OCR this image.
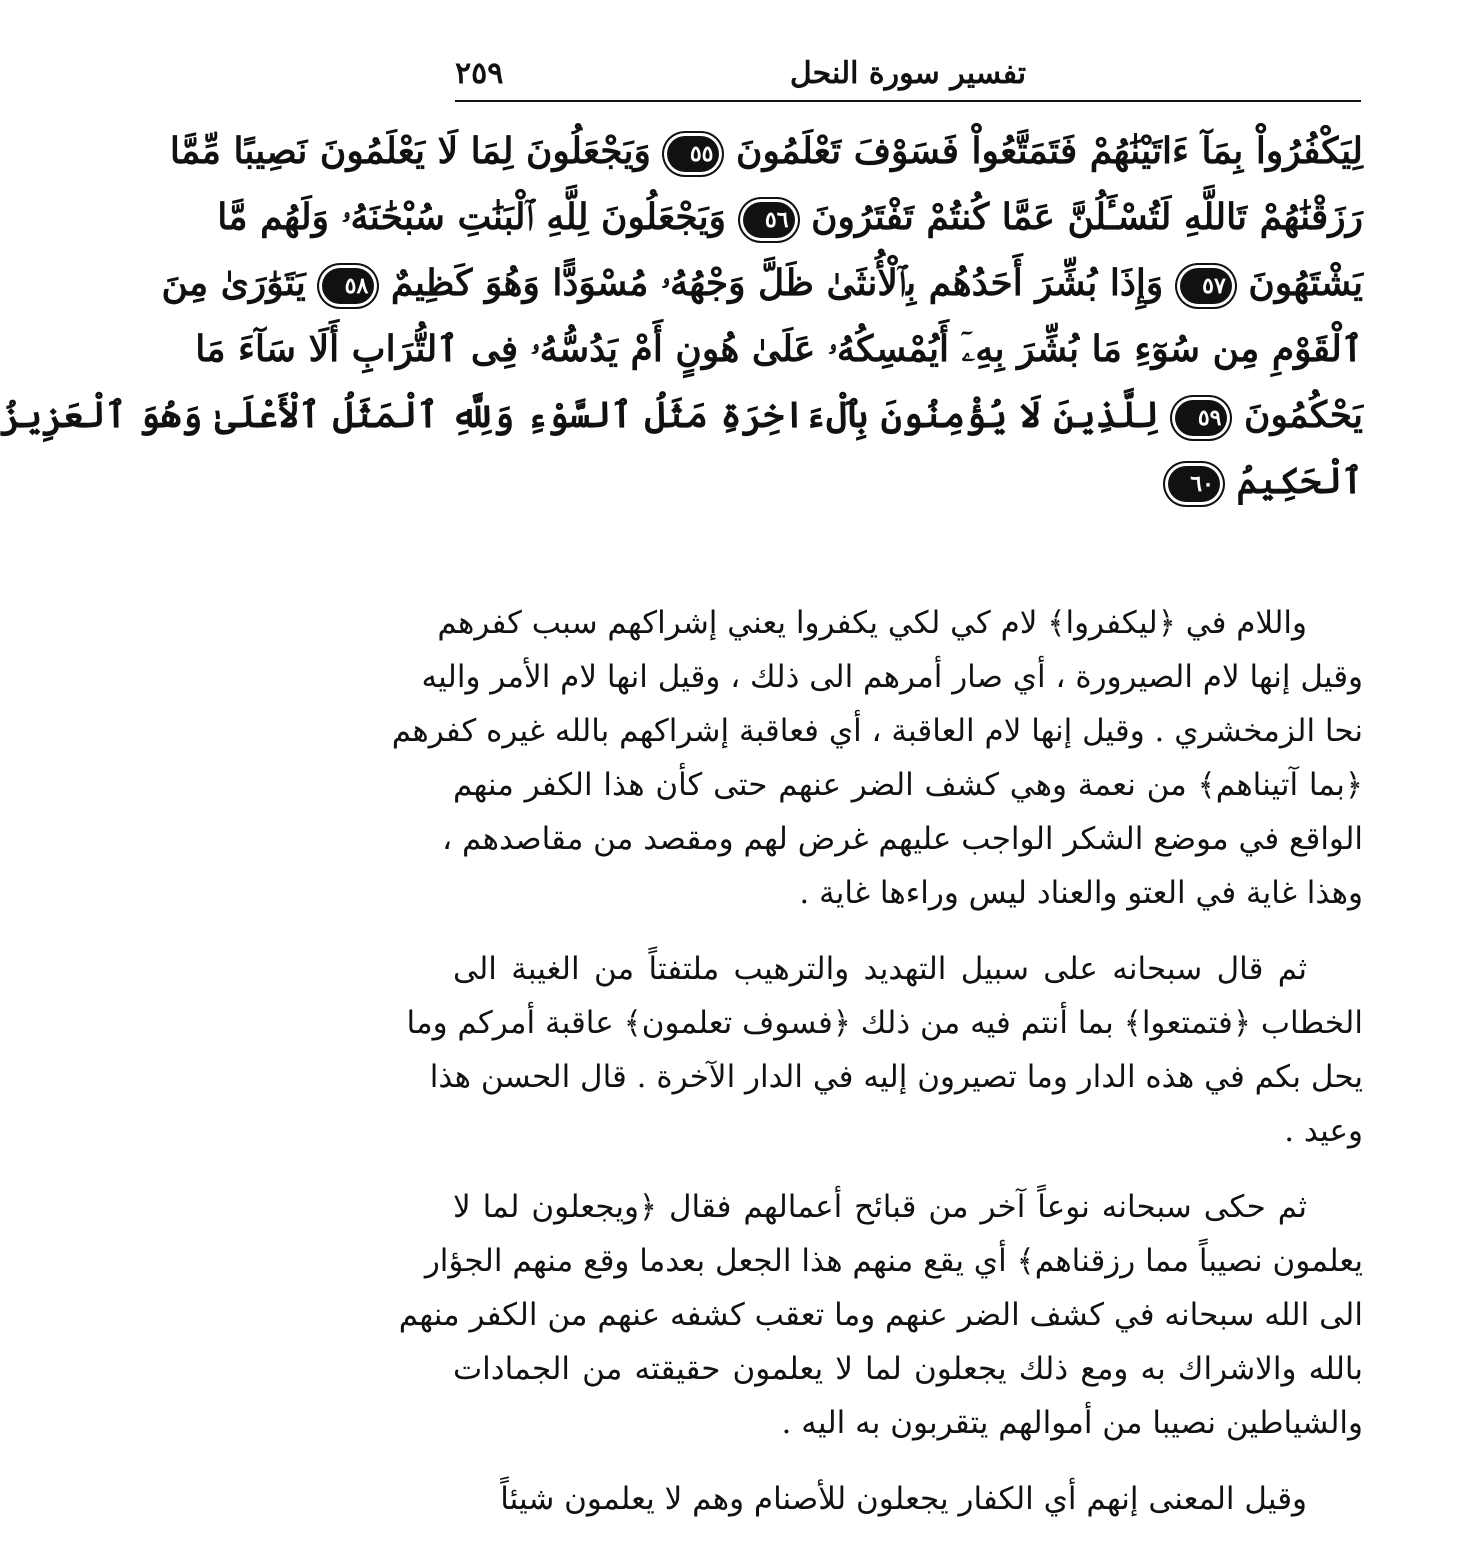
تفسير سورة النحل
٢٥٩
لِيَكْفُرُواْ بِمَآ ءَاتَيْنَٰهُمْ فَتَمَتَّعُواْ فَسَوْفَ تَعْلَمُونَ ٥٥ وَيَجْعَلُونَ لِمَا لَا يَعْلَمُونَ نَصِيبًا مِّمَّا
رَزَقْنَٰهُمْ تَاللَّهِ لَتُسْـَٔلُنَّ عَمَّا كُنتُمْ تَفْتَرُونَ ٥٦ وَيَجْعَلُونَ لِلَّهِ ٱلْبَنَٰتِ سُبْحَٰنَهُۥ وَلَهُم مَّا
يَشْتَهُونَ ٥٧ وَإِذَا بُشِّرَ أَحَدُهُم بِٱلْأُنثَىٰ ظَلَّ وَجْهُهُۥ مُسْوَدًّا وَهُوَ كَظِيمٌ ٥٨ يَتَوَٰرَىٰ مِنَ
ٱلْقَوْمِ مِن سُوٓءِ مَا بُشِّرَ بِهِۦٓ أَيُمْسِكُهُۥ عَلَىٰ هُونٍ أَمْ يَدُسُّهُۥ فِى ٱلتُّرَابِ أَلَا سَآءَ مَا
يَحْكُمُونَ ٥٩ لِلَّذِينَ لَا يُؤْمِنُونَ بِٱلْءَاخِرَةِ مَثَلُ ٱلسَّوْءِ وَلِلَّهِ ٱلْمَثَلُ ٱلْأَعْلَىٰ وَهُوَ ٱلْعَزِيزُ
ٱلْحَكِيمُ ٦٠
واللام في ﴿ليكفروا﴾ لام كي لكي يكفروا يعني إشراكهم سبب كفرهم
وقيل إنها لام الصيرورة ، أي صار أمرهم الى ذلك ، وقيل انها لام الأمر واليه
نحا الزمخشري . وقيل إنها لام العاقبة ، أي فعاقبة إشراكهم بالله غيره كفرهم
﴿بما آتيناهم﴾ من نعمة وهي كشف الضر عنهم حتى كأن هذا الكفر منهم
الواقع في موضع الشكر الواجب عليهم غرض لهم ومقصد من مقاصدهم ،
وهذا غاية في العتو والعناد ليس وراءها غاية .
ثم قال سبحانه على سبيل التهديد والترهيب ملتفتاً من الغيبة الى
الخطاب ﴿فتمتعوا﴾ بما أنتم فيه من ذلك ﴿فسوف تعلمون﴾ عاقبة أمركم وما
يحل بكم في هذه الدار وما تصيرون إليه في الدار الآخرة . قال الحسن هذا
وعيد .
ثم حكى سبحانه نوعاً آخر من قبائح أعمالهم فقال ﴿ويجعلون لما لا
يعلمون نصيباً مما رزقناهم﴾ أي يقع منهم هذا الجعل بعدما وقع منهم الجؤار
الى الله سبحانه في كشف الضر عنهم وما تعقب كشفه عنهم من الكفر منهم
بالله والاشراك به ومع ذلك يجعلون لما لا يعلمون حقيقته من الجمادات
والشياطين نصيبا من أموالهم يتقربون به اليه .
وقيل المعنى إنهم أي الكفار يجعلون للأصنام وهم لا يعلمون شيئاً
